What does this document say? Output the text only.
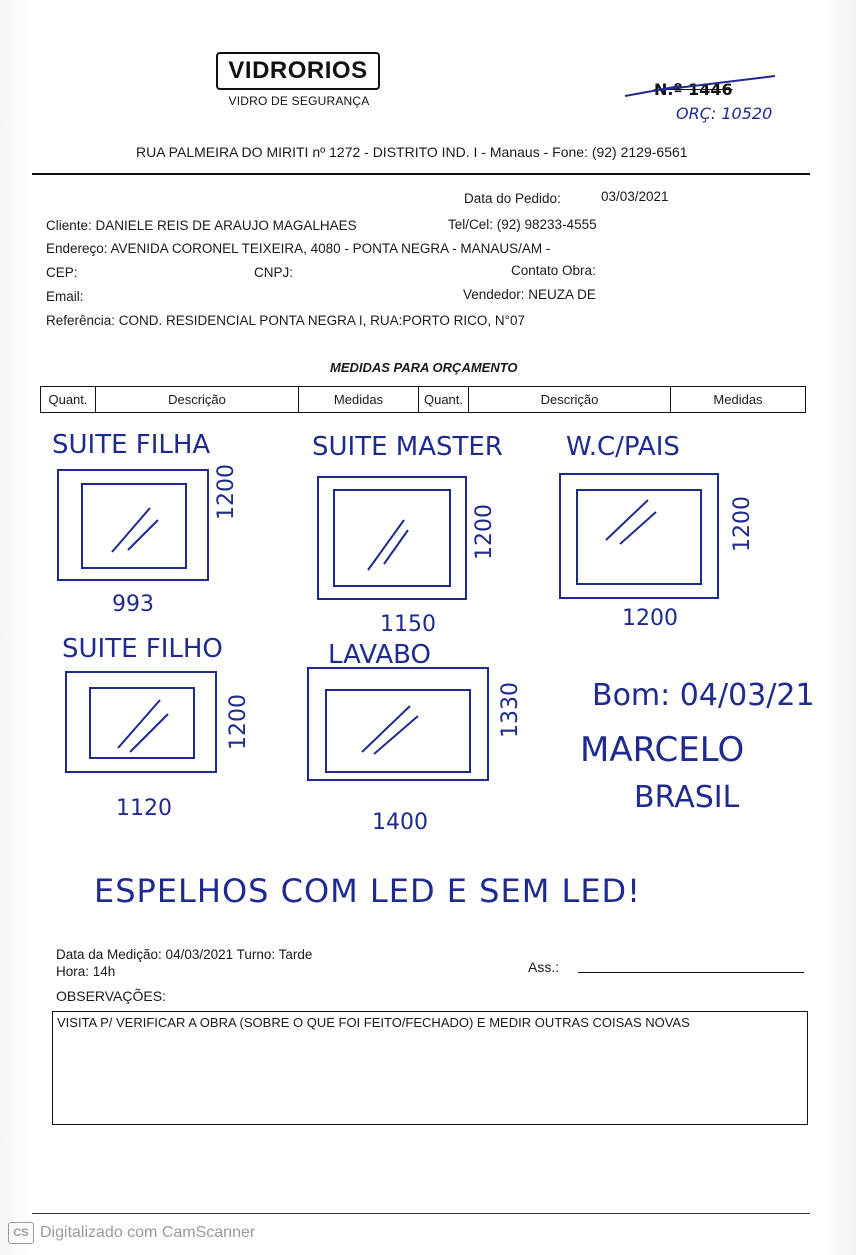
VIDRORIOS
VIDRO DE SEGURANÇA
N.º 1446
ORÇ: 10520
RUA PALMEIRA DO MIRITI nº 1272 - DISTRITO IND. I - Manaus - Fone: (92) 2129-6561
Data do Pedido:	03/03/2021
Cliente: DANIELE REIS DE ARAUJO MAGALHAES	Tel/Cel: (92) 98233-4555
Endereço: AVENIDA CORONEL TEIXEIRA, 4080 - PONTA NEGRA - MANAUS/AM -
CEP:	CNPJ:	Contato Obra:
Email:	Vendedor: NEUZA DE
Referência: COND. RESIDENCIAL PONTA NEGRA I, RUA:PORTO RICO, N°07
MEDIDAS PARA ORÇAMENTO
Quant.	Descrição	Medidas	Quant.	Descrição	Medidas
SUITE FILHA
1200
993
SUITE MASTER
1200
1150
W.C/PAIS
1200
1200
SUITE FILHO
1200
1120
LAVABO
1330
1400
Bom: 04/03/21
MARCELO
BRASIL
ESPELHOS COM LED E SEM LED!
Data da Medição: 04/03/2021 Turno: Tarde
Hora: 14h	Ass.:
OBSERVAÇÕES:
VISITA P/ VERIFICAR A OBRA (SOBRE O QUE FOI FEITO/FECHADO) E MEDIR OUTRAS COISAS NOVAS
CS Digitalizado com CamScanner
